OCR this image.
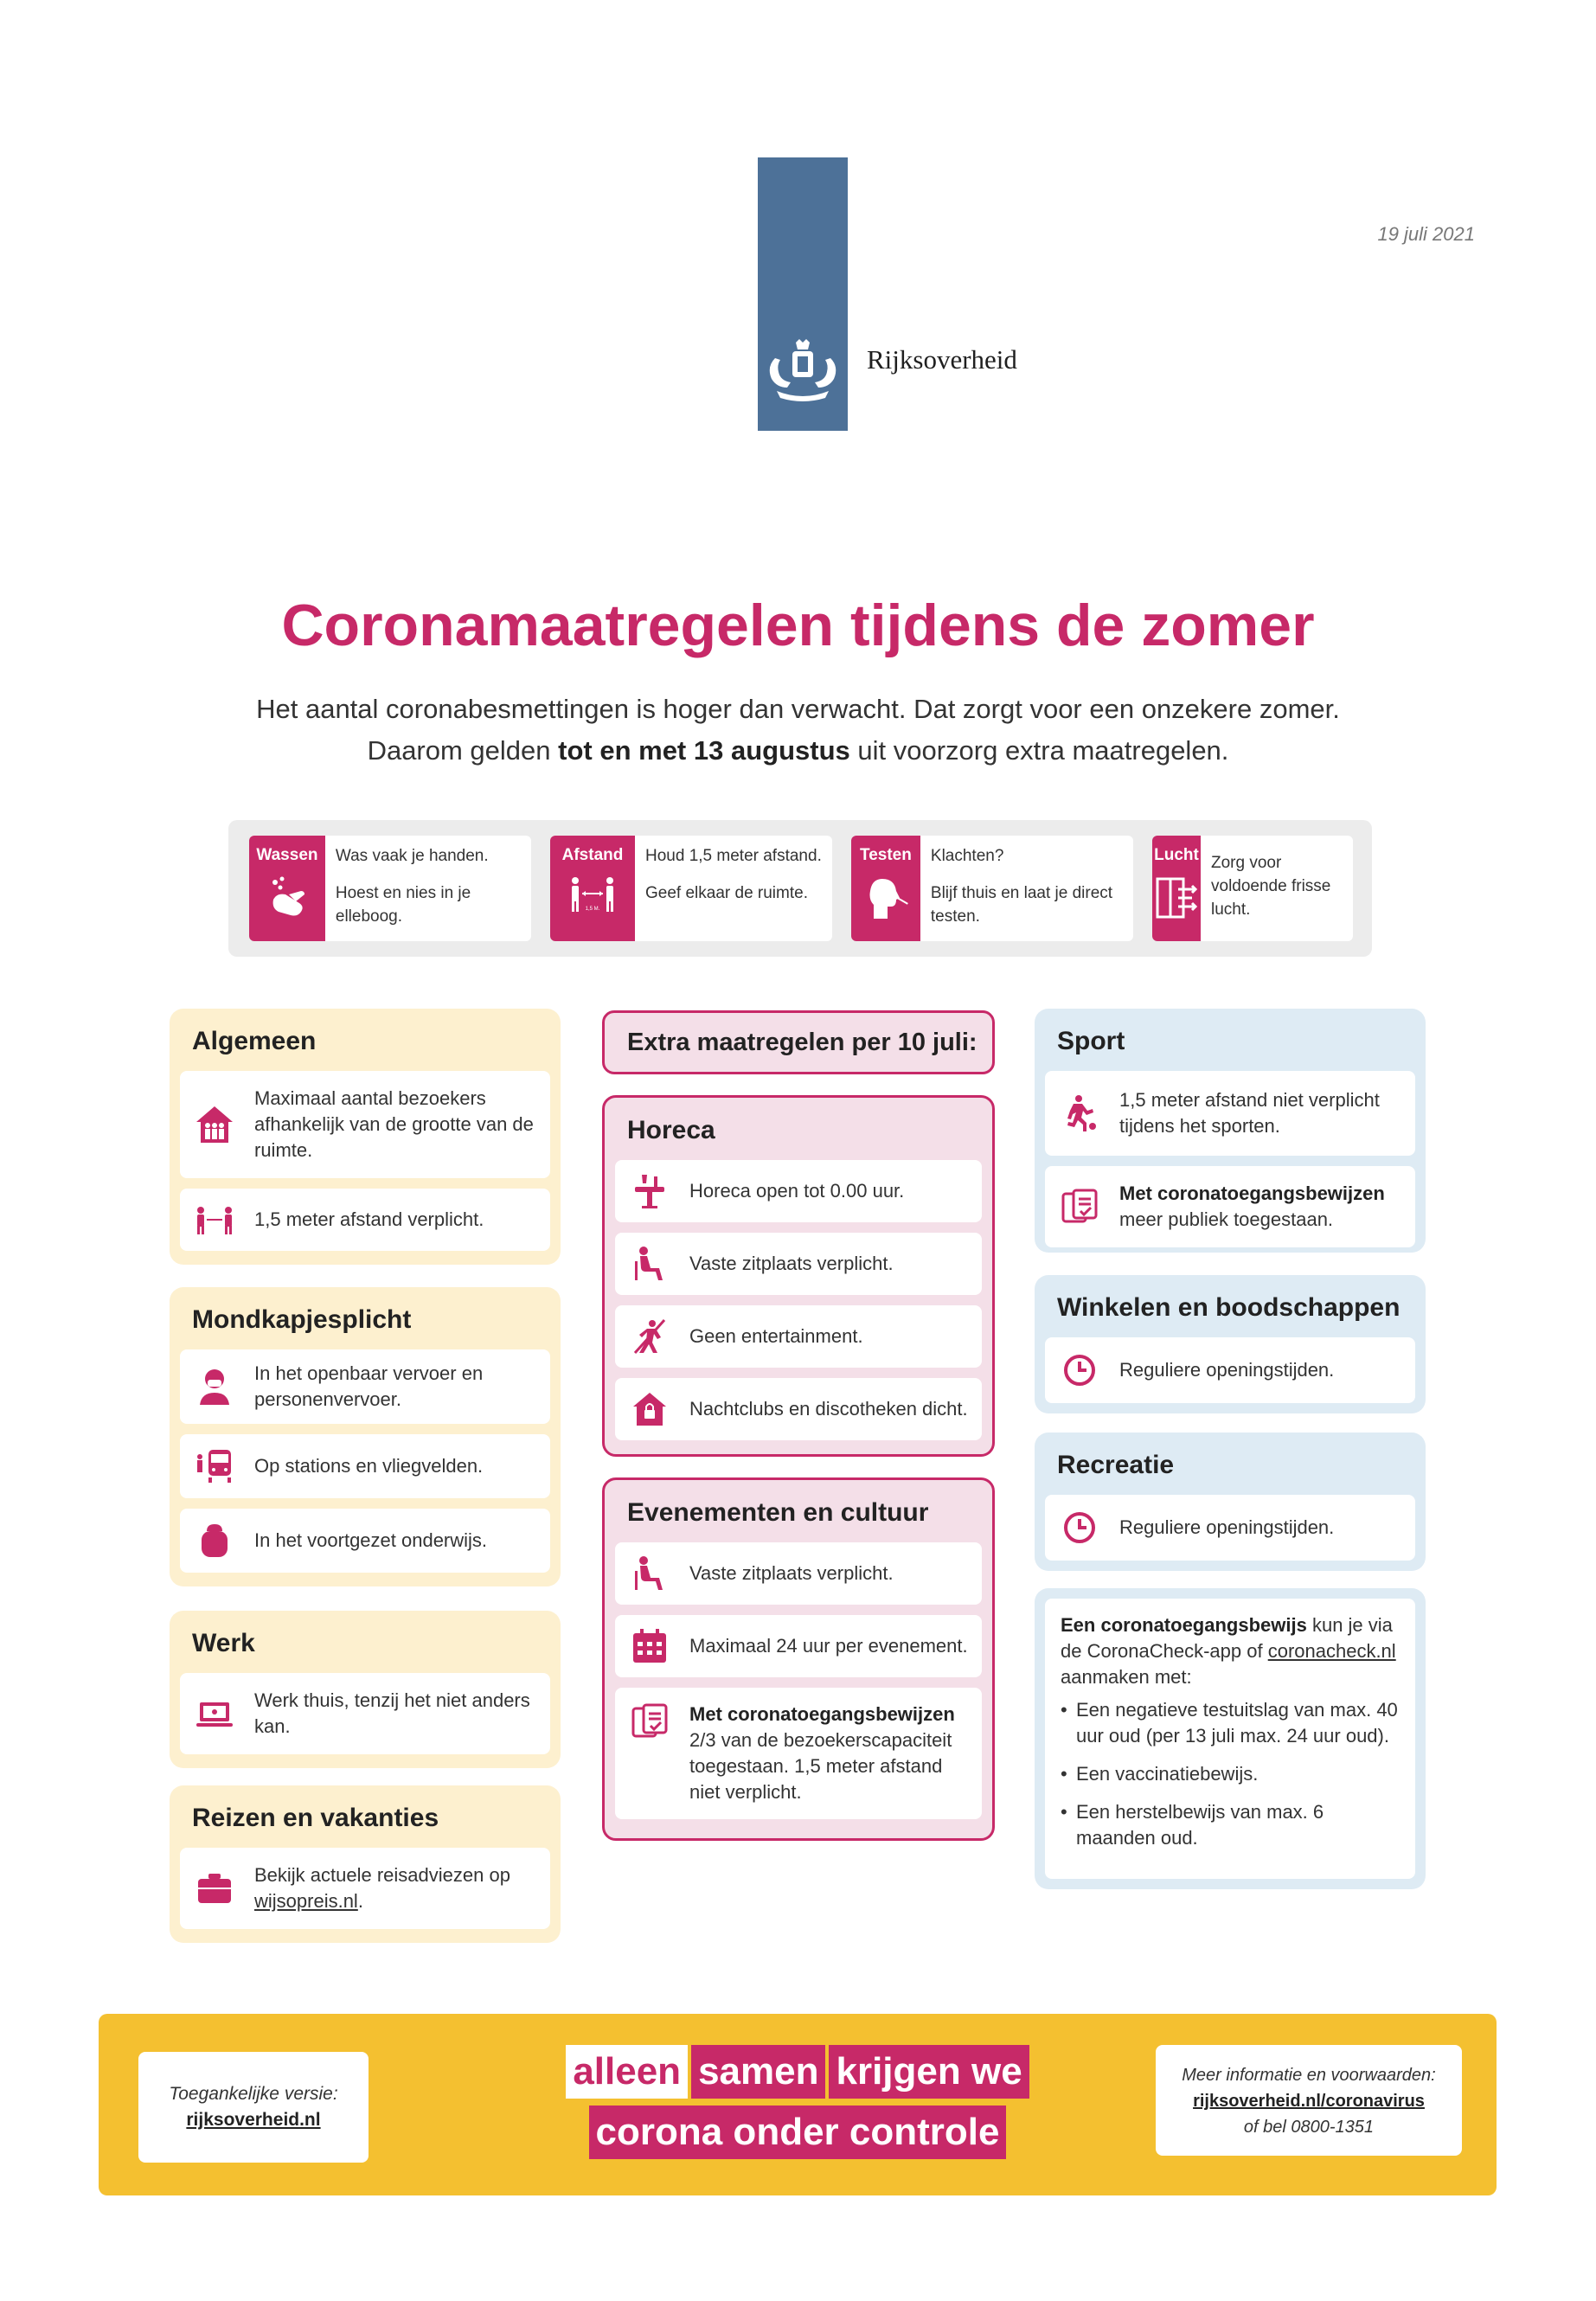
Rijksoverheid
19 juli 2021
Coronamaatregelen tijdens de zomer
Het aantal coronabesmettingen is hoger dan verwacht. Dat zorgt voor een onzekere zomer.
Daarom gelden tot en met 13 augustus uit voorzorg extra maatregelen.
Wassen	Was vaak je handen.

Hoest en nies in je elleboog.

Afstand
1,5 M.

Houd 1,5 meter afstand.

Geef elkaar de ruimte.

Testen	Klachten?

Blijf thuis en laat je direct testen.

Lucht Zorg voor voldoende frisse lucht.

Algemeen
Maximaal aantal bezoekers afhankelijk van de grootte van de ruimte.
1,5 meter afstand verplicht.
Mondkapjesplicht
In het openbaar vervoer en personenvervoer.
Op stations en vliegvelden.
In het voortgezet onderwijs.
Werk
Werk thuis, tenzij het niet anders kan.
Reizen en vakanties
Bekijk actuele reisadviezen op wijsopreis.nl.
Extra maatregelen per 10 juli:
Horeca
Horeca open tot 0.00 uur.
Vaste zitplaats verplicht.
Geen entertainment.
Nachtclubs en discotheken dicht.
Evenementen en cultuur
Vaste zitplaats verplicht.
Maximaal 24 uur per evenement.
Met coronatoegangsbewijzen
2/3 van de bezoekerscapaciteit toegestaan. 1,5 meter afstand niet verplicht.
Sport
1,5 meter afstand niet verplicht tijdens het sporten.
Met coronatoegangsbewijzen
meer publiek toegestaan.
Winkelen en boodschappen
Reguliere openingstijden.
Recreatie
Reguliere openingstijden.
Een coronatoegangsbewijs kun je via de CoronaCheck-app of coronacheck.nl aanmaken met:
• Een negatieve testuitslag van max. 40 uur oud (per 13 juli max. 24 uur oud).
• Een vaccinatiebewijs.
• Een herstelbewijs van max. 6 maanden oud.
Toegankelijke versie:
rijksoverheid.nl
alleen samen krijgen we
corona onder controle
Meer informatie en voorwaarden:
rijksoverheid.nl/coronavirus
of bel 0800-1351
